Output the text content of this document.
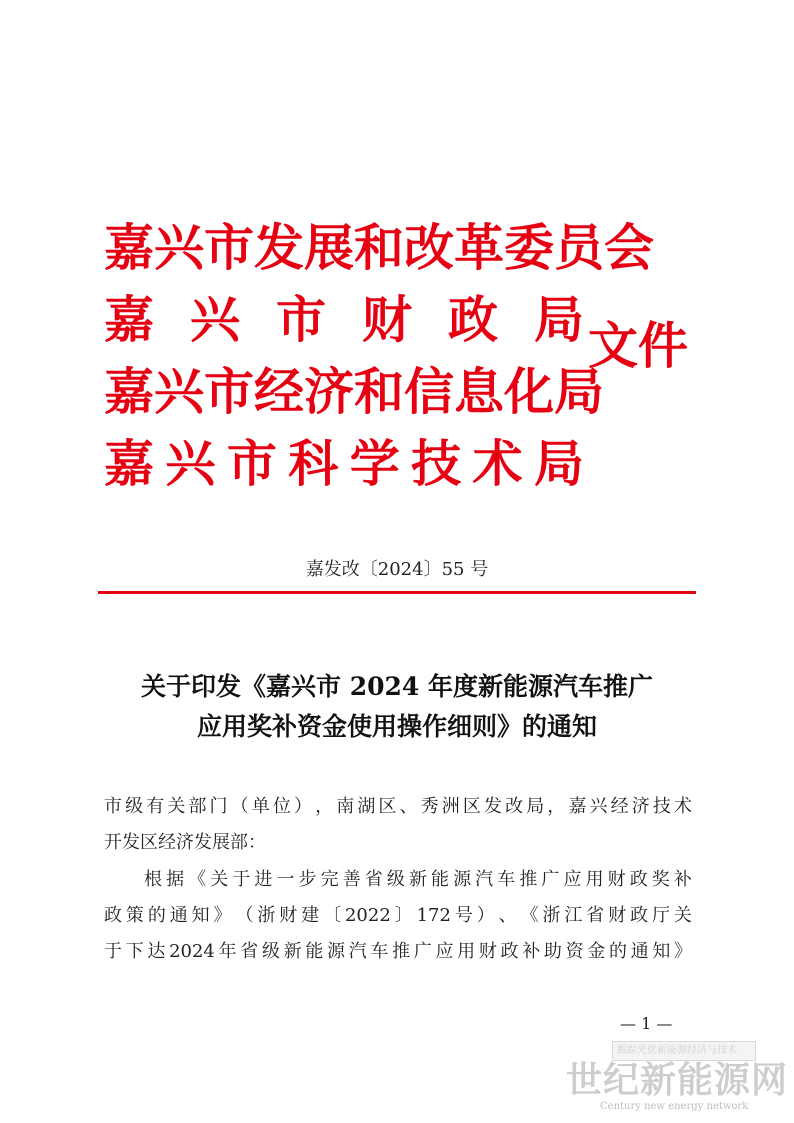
嘉 兴 市 发 展 和 改 革 委 员 会
嘉 兴 市 财 政 局
嘉 兴 市 经 济 和 信 息 化 局
嘉 兴 市 科 学 技 术 局
文件
嘉发改〔2024〕55 号
关于印发《嘉兴市 2024 年度新能源汽车推广
应用奖补资金使用操作细则》的通知
市 级 有 关 部 门 （ 单 位 ） ， 南 湖 区 、 秀 洲 区 发 改 局 ， 嘉 兴 经 济 技 术
开发区经济发展部：
根 据 《 关 于 进 一 步 完 善 省 级 新 能 源 汽 车 推 广 应 用 财 政 奖 补
政 策 的 通 知 》 （ 浙 财 建 〔 2022 〕 172 号 ） 、 《 浙 江 省 财 政 厅 关
于 下 达 2024 年 省 级 新 能 源 汽 车 推 广 应 用 财 政 补 助 资 金 的 通 知 》
— 1 —
跟踪光伏新能源经济与技术
世纪新能源网
Century new energy network
